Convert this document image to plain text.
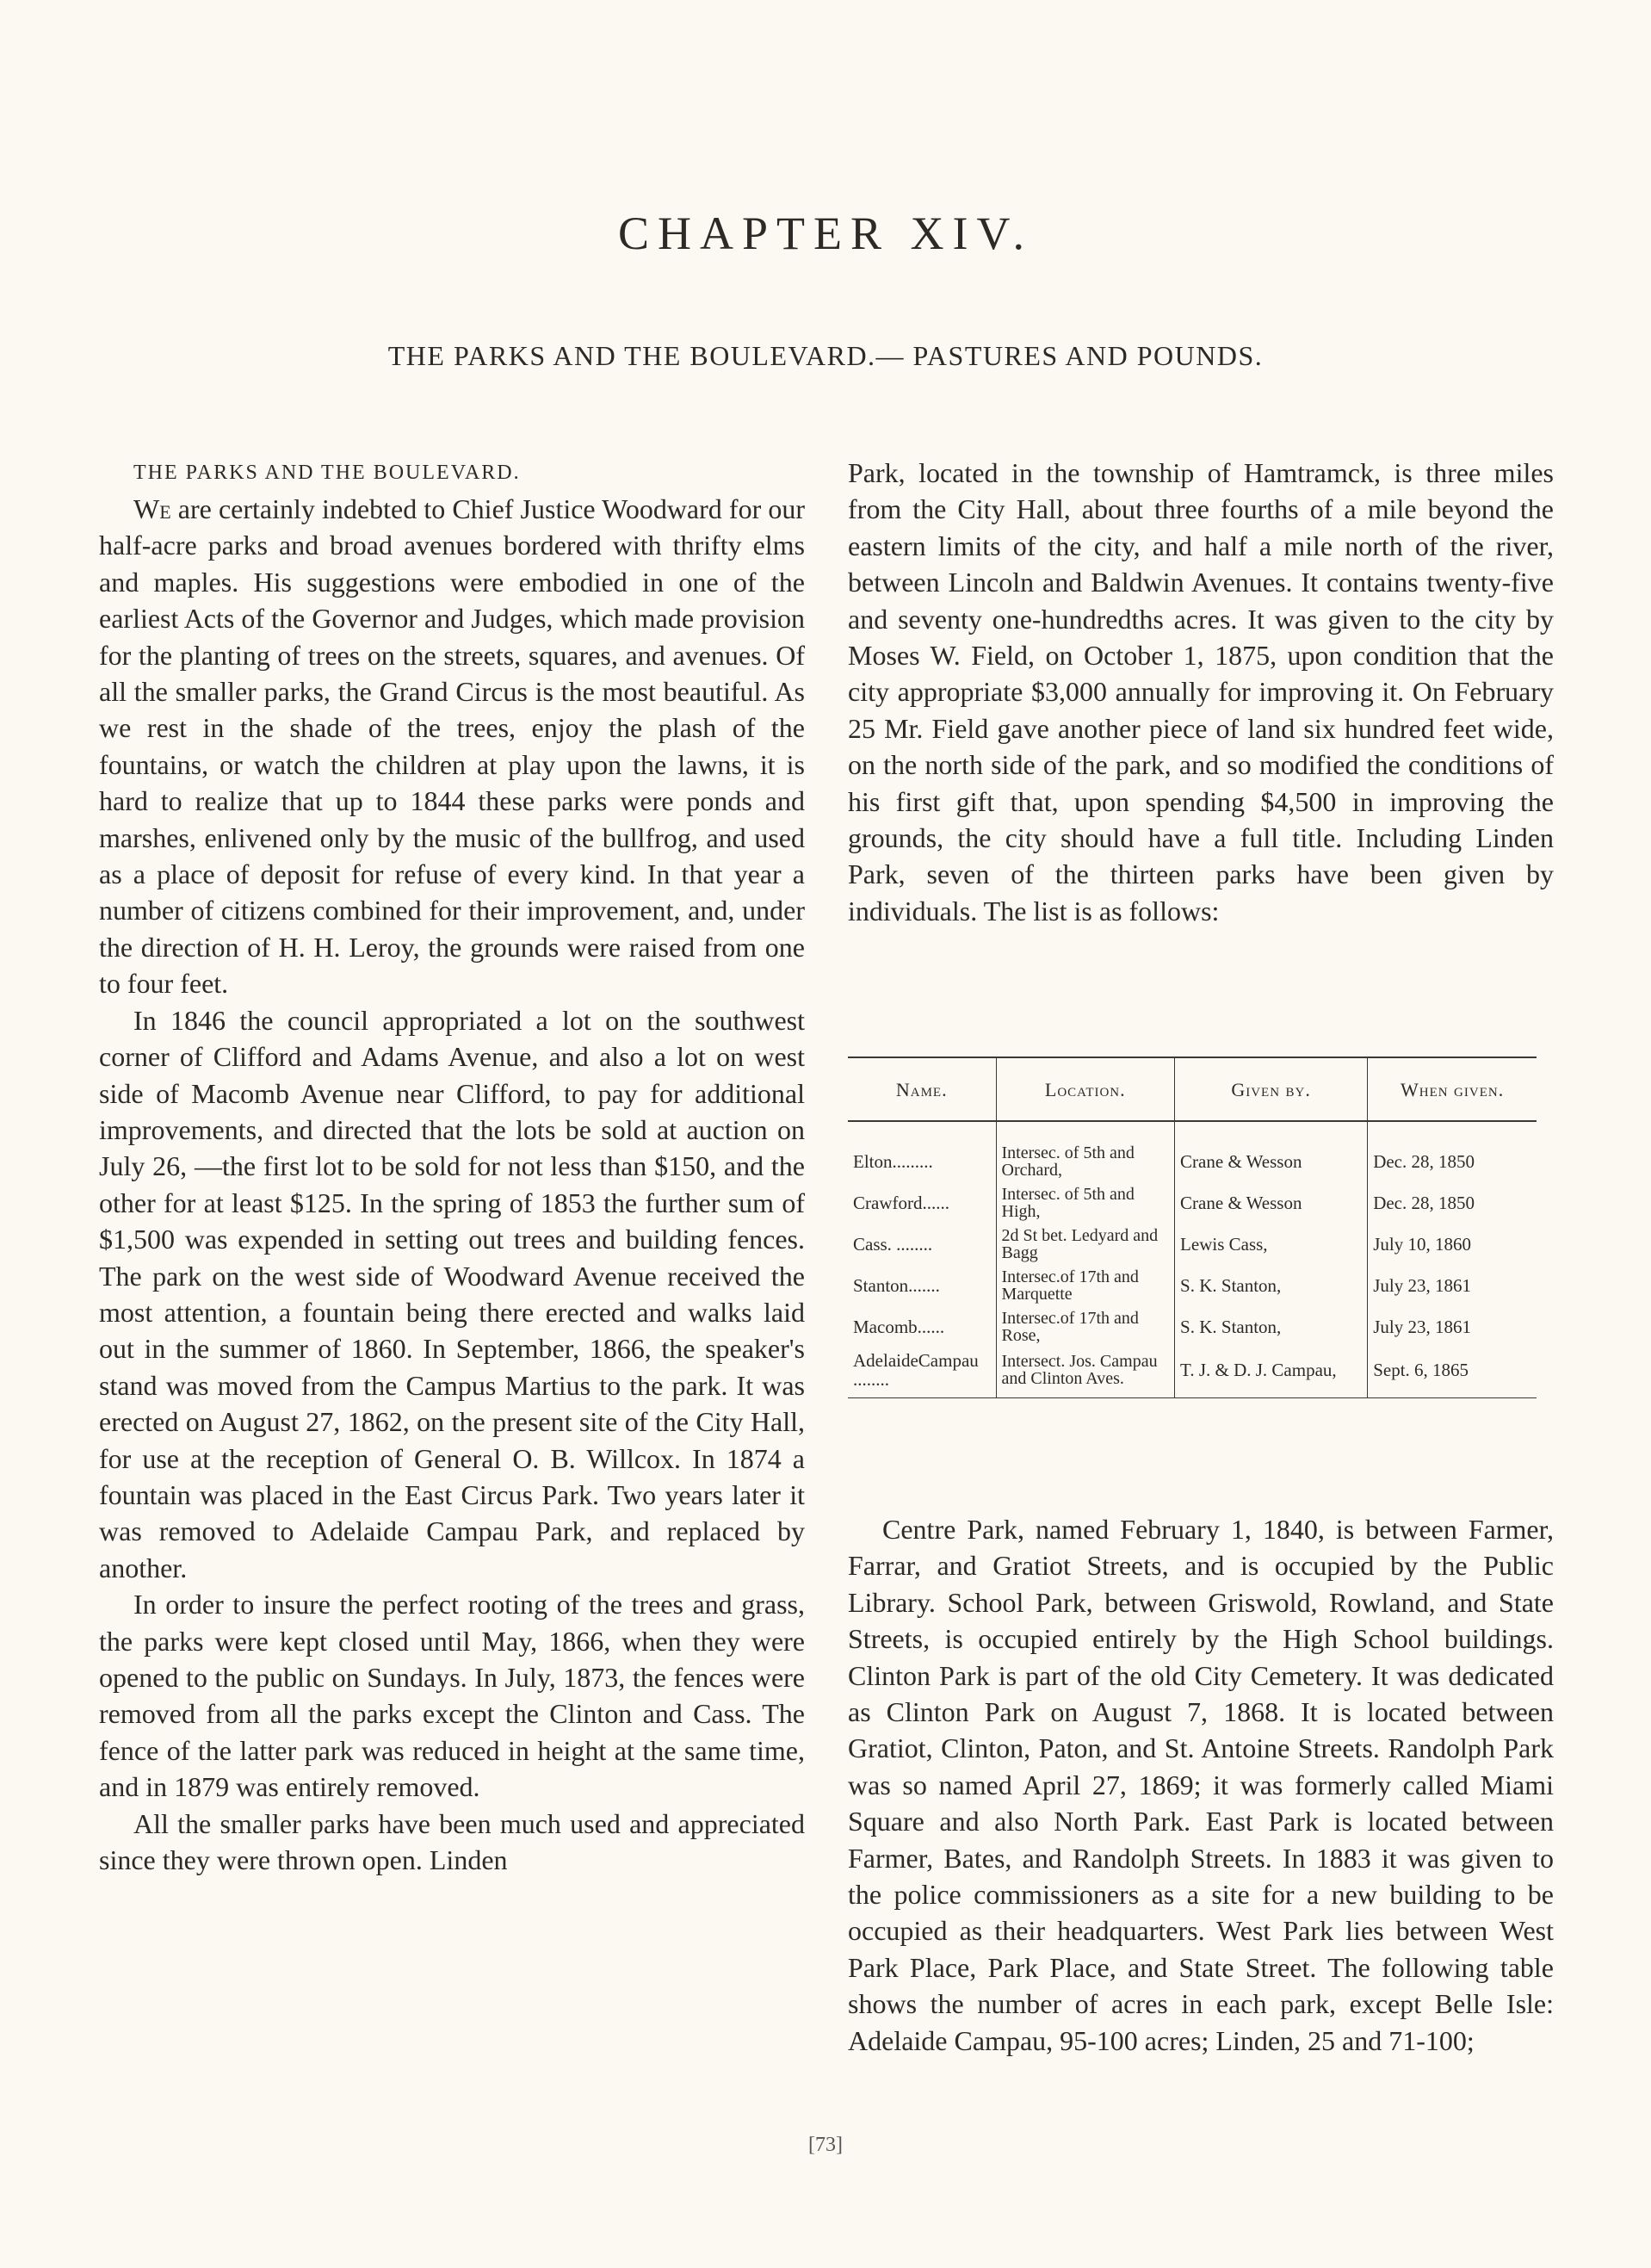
CHAPTER XIV.
THE PARKS AND THE BOULEVARD.— PASTURES AND POUNDS.

THE PARKS AND THE BOULEVARD.

We are certainly indebted to Chief Justice Woodward for our half-acre parks and broad avenues bordered with thrifty elms and maples. His suggestions were embodied in one of the earliest Acts of the Governor and Judges, which made provision for the planting of trees on the streets, squares, and avenues. Of all the smaller parks, the Grand Circus is the most beautiful. As we rest in the shade of the trees, enjoy the plash of the fountains, or watch the children at play upon the lawns, it is hard to realize that up to 1844 these parks were ponds and marshes, enlivened only by the music of the bullfrog, and used as a place of deposit for refuse of every kind. In that year a number of citizens combined for their improvement, and, under the direction of H. H. Leroy, the grounds were raised from one to four feet.

In 1846 the council appropriated a lot on the southwest corner of Clifford and Adams Avenue, and also a lot on west side of Macomb Avenue near Clifford, to pay for additional improvements, and directed that the lots be sold at auction on July 26, —the first lot to be sold for not less than $150, and the other for at least $125. In the spring of 1853 the further sum of $1,500 was expended in setting out trees and building fences. The park on the west side of Woodward Avenue received the most attention, a fountain being there erected and walks laid out in the summer of 1860. In September, 1866, the speaker's stand was moved from the Campus Martius to the park. It was erected on August 27, 1862, on the present site of the City Hall, for use at the reception of General O. B. Willcox. In 1874 a fountain was placed in the East Circus Park. Two years later it was removed to Adelaide Campau Park, and replaced by another.

In order to insure the perfect rooting of the trees and grass, the parks were kept closed until May, 1866, when they were opened to the public on Sundays. In July, 1873, the fences were removed from all the parks except the Clinton and Cass. The fence of the latter park was reduced in height at the same time, and in 1879 was entirely removed.

All the smaller parks have been much used and appreciated since they were thrown open. Linden

Park, located in the township of Hamtramck, is three miles from the City Hall, about three fourths of a mile beyond the eastern limits of the city, and half a mile north of the river, between Lincoln and Baldwin Avenues. It contains twenty-five and seventy one-hundredths acres. It was given to the city by Moses W. Field, on October 1, 1875, upon condition that the city appropriate $3,000 annually for improving it. On February 25 Mr. Field gave another piece of land six hundred feet wide, on the north side of the park, and so modified the conditions of his first gift that, upon spending $4,500 in improving the grounds, the city should have a full title. Including Linden Park, seven of the thirteen parks have been given by individuals. The list is as follows:

Name.	Location.	Given by.	When given.
Elton.........	Intersec. of 5th and Orchard,	Crane & Wesson	Dec. 28, 1850
Crawford......	Intersec. of 5th and High,	Crane & Wesson	Dec. 28, 1850
Cass. ........	2d St bet. Ledyard and Bagg	Lewis Cass,	July 10, 1860
Stanton.......	Intersec.of 17th and Marquette	S. K. Stanton,	July 23, 1861
Macomb......	Intersec.of 17th and Rose,	S. K. Stanton,	July 23, 1861
AdelaideCampau ........	Intersect. Jos. Campau and Clinton Aves.	T. J. & D. J. Campau,	Sept. 6, 1865

Centre Park, named February 1, 1840, is between Farmer, Farrar, and Gratiot Streets, and is occupied by the Public Library. School Park, between Griswold, Rowland, and State Streets, is occupied entirely by the High School buildings. Clinton Park is part of the old City Cemetery. It was dedicated as Clinton Park on August 7, 1868. It is located between Gratiot, Clinton, Paton, and St. Antoine Streets. Randolph Park was so named April 27, 1869; it was formerly called Miami Square and also North Park. East Park is located between Farmer, Bates, and Randolph Streets. In 1883 it was given to the police commissioners as a site for a new building to be occupied as their headquarters. West Park lies between West Park Place, Park Place, and State Street. The following table shows the number of acres in each park, except Belle Isle: Adelaide Campau, 95-100 acres; Linden, 25 and 71-100;

[73]
